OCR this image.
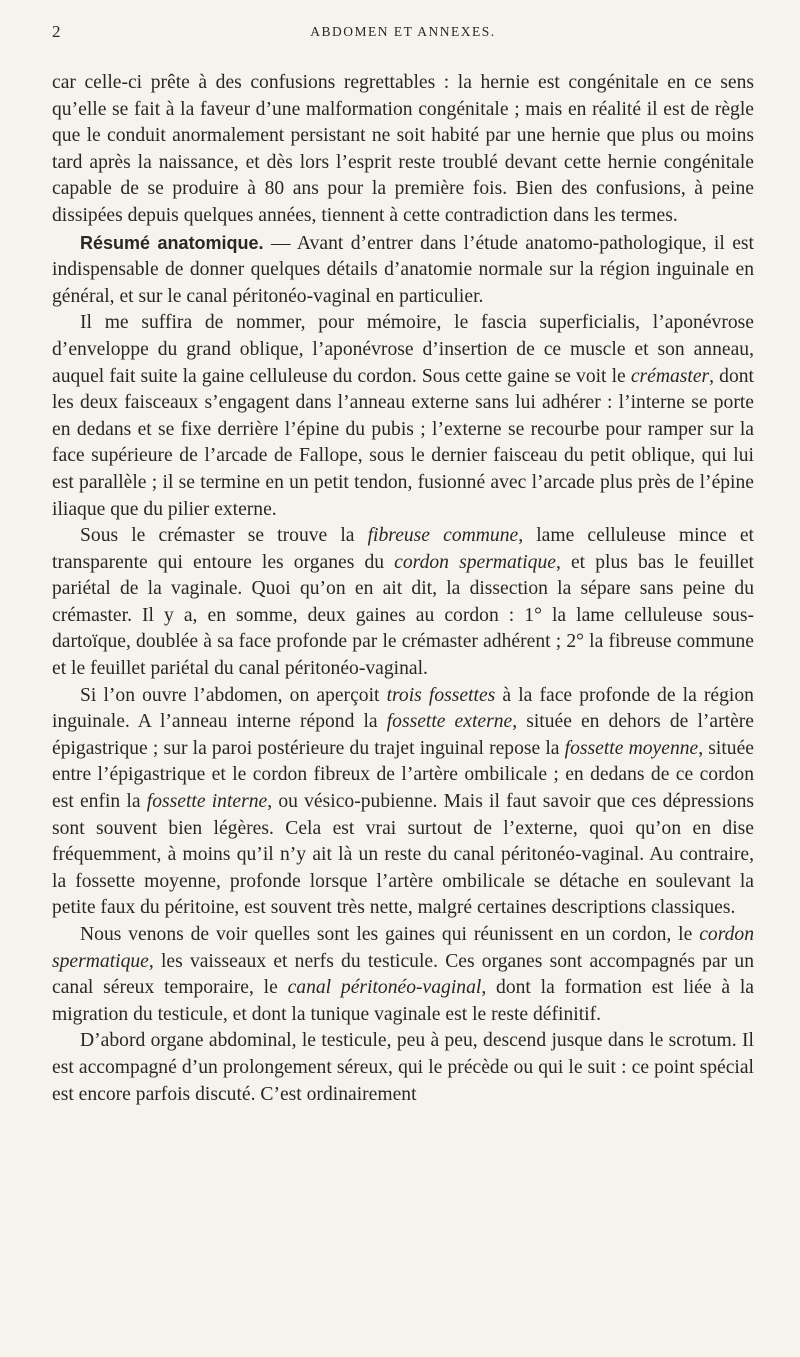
2	ABDOMEN ET ANNEXES.

car celle-ci prête à des confusions regrettables : la hernie est congénitale en ce sens qu’elle se fait à la faveur d’une malformation congénitale ; mais en réalité il est de règle que le conduit anormalement persistant ne soit habité par une hernie que plus ou moins tard après la naissance, et dès lors l’esprit reste troublé devant cette hernie congénitale capable de se produire à 80 ans pour la première fois. Bien des confusions, à peine dissipées depuis quelques années, tiennent à cette contradiction dans les termes.

Résumé anatomique. — Avant d’entrer dans l’étude anatomo-pathologique, il est indispensable de donner quelques détails d’anatomie normale sur la région inguinale en général, et sur le canal péritonéo-vaginal en particulier.

Il me suffira de nommer, pour mémoire, le fascia superficialis, l’aponévrose d’enveloppe du grand oblique, l’aponévrose d’insertion de ce muscle et son anneau, auquel fait suite la gaine celluleuse du cordon. Sous cette gaine se voit le crémaster, dont les deux faisceaux s’engagent dans l’anneau externe sans lui adhérer : l’interne se porte en dedans et se fixe derrière l’épine du pubis ; l’externe se recourbe pour ramper sur la face supérieure de l’arcade de Fallope, sous le dernier faisceau du petit oblique, qui lui est parallèle ; il se termine en un petit tendon, fusionné avec l’arcade plus près de l’épine iliaque que du pilier externe.

Sous le crémaster se trouve la fibreuse commune, lame celluleuse mince et transparente qui entoure les organes du cordon spermatique, et plus bas le feuillet pariétal de la vaginale. Quoi qu’on en ait dit, la dissection la sépare sans peine du crémaster. Il y a, en somme, deux gaines au cordon : 1° la lame celluleuse sous-dartoïque, doublée à sa face profonde par le crémaster adhérent ; 2° la fibreuse commune et le feuillet pariétal du canal péritonéo-vaginal.

Si l’on ouvre l’abdomen, on aperçoit trois fossettes à la face profonde de la région inguinale. A l’anneau interne répond la fossette externe, située en dehors de l’artère épigastrique ; sur la paroi postérieure du trajet inguinal repose la fossette moyenne, située entre l’épigastrique et le cordon fibreux de l’artère ombilicale ; en dedans de ce cordon est enfin la fossette interne, ou vésico-pubienne. Mais il faut savoir que ces dépressions sont souvent bien légères. Cela est vrai surtout de l’externe, quoi qu’on en dise fréquemment, à moins qu’il n’y ait là un reste du canal péritonéo-vaginal. Au contraire, la fossette moyenne, profonde lorsque l’artère ombilicale se détache en soulevant la petite faux du péritoine, est souvent très nette, malgré certaines descriptions classiques.

Nous venons de voir quelles sont les gaines qui réunissent en un cordon, le cordon spermatique, les vaisseaux et nerfs du testicule. Ces organes sont accompagnés par un canal séreux temporaire, le canal péritonéo-vaginal, dont la formation est liée à la migration du testicule, et dont la tunique vaginale est le reste définitif.

D’abord organe abdominal, le testicule, peu à peu, descend jusque dans le scrotum. Il est accompagné d’un prolongement séreux, qui le précède ou qui le suit : ce point spécial est encore parfois discuté. C’est ordinairement
